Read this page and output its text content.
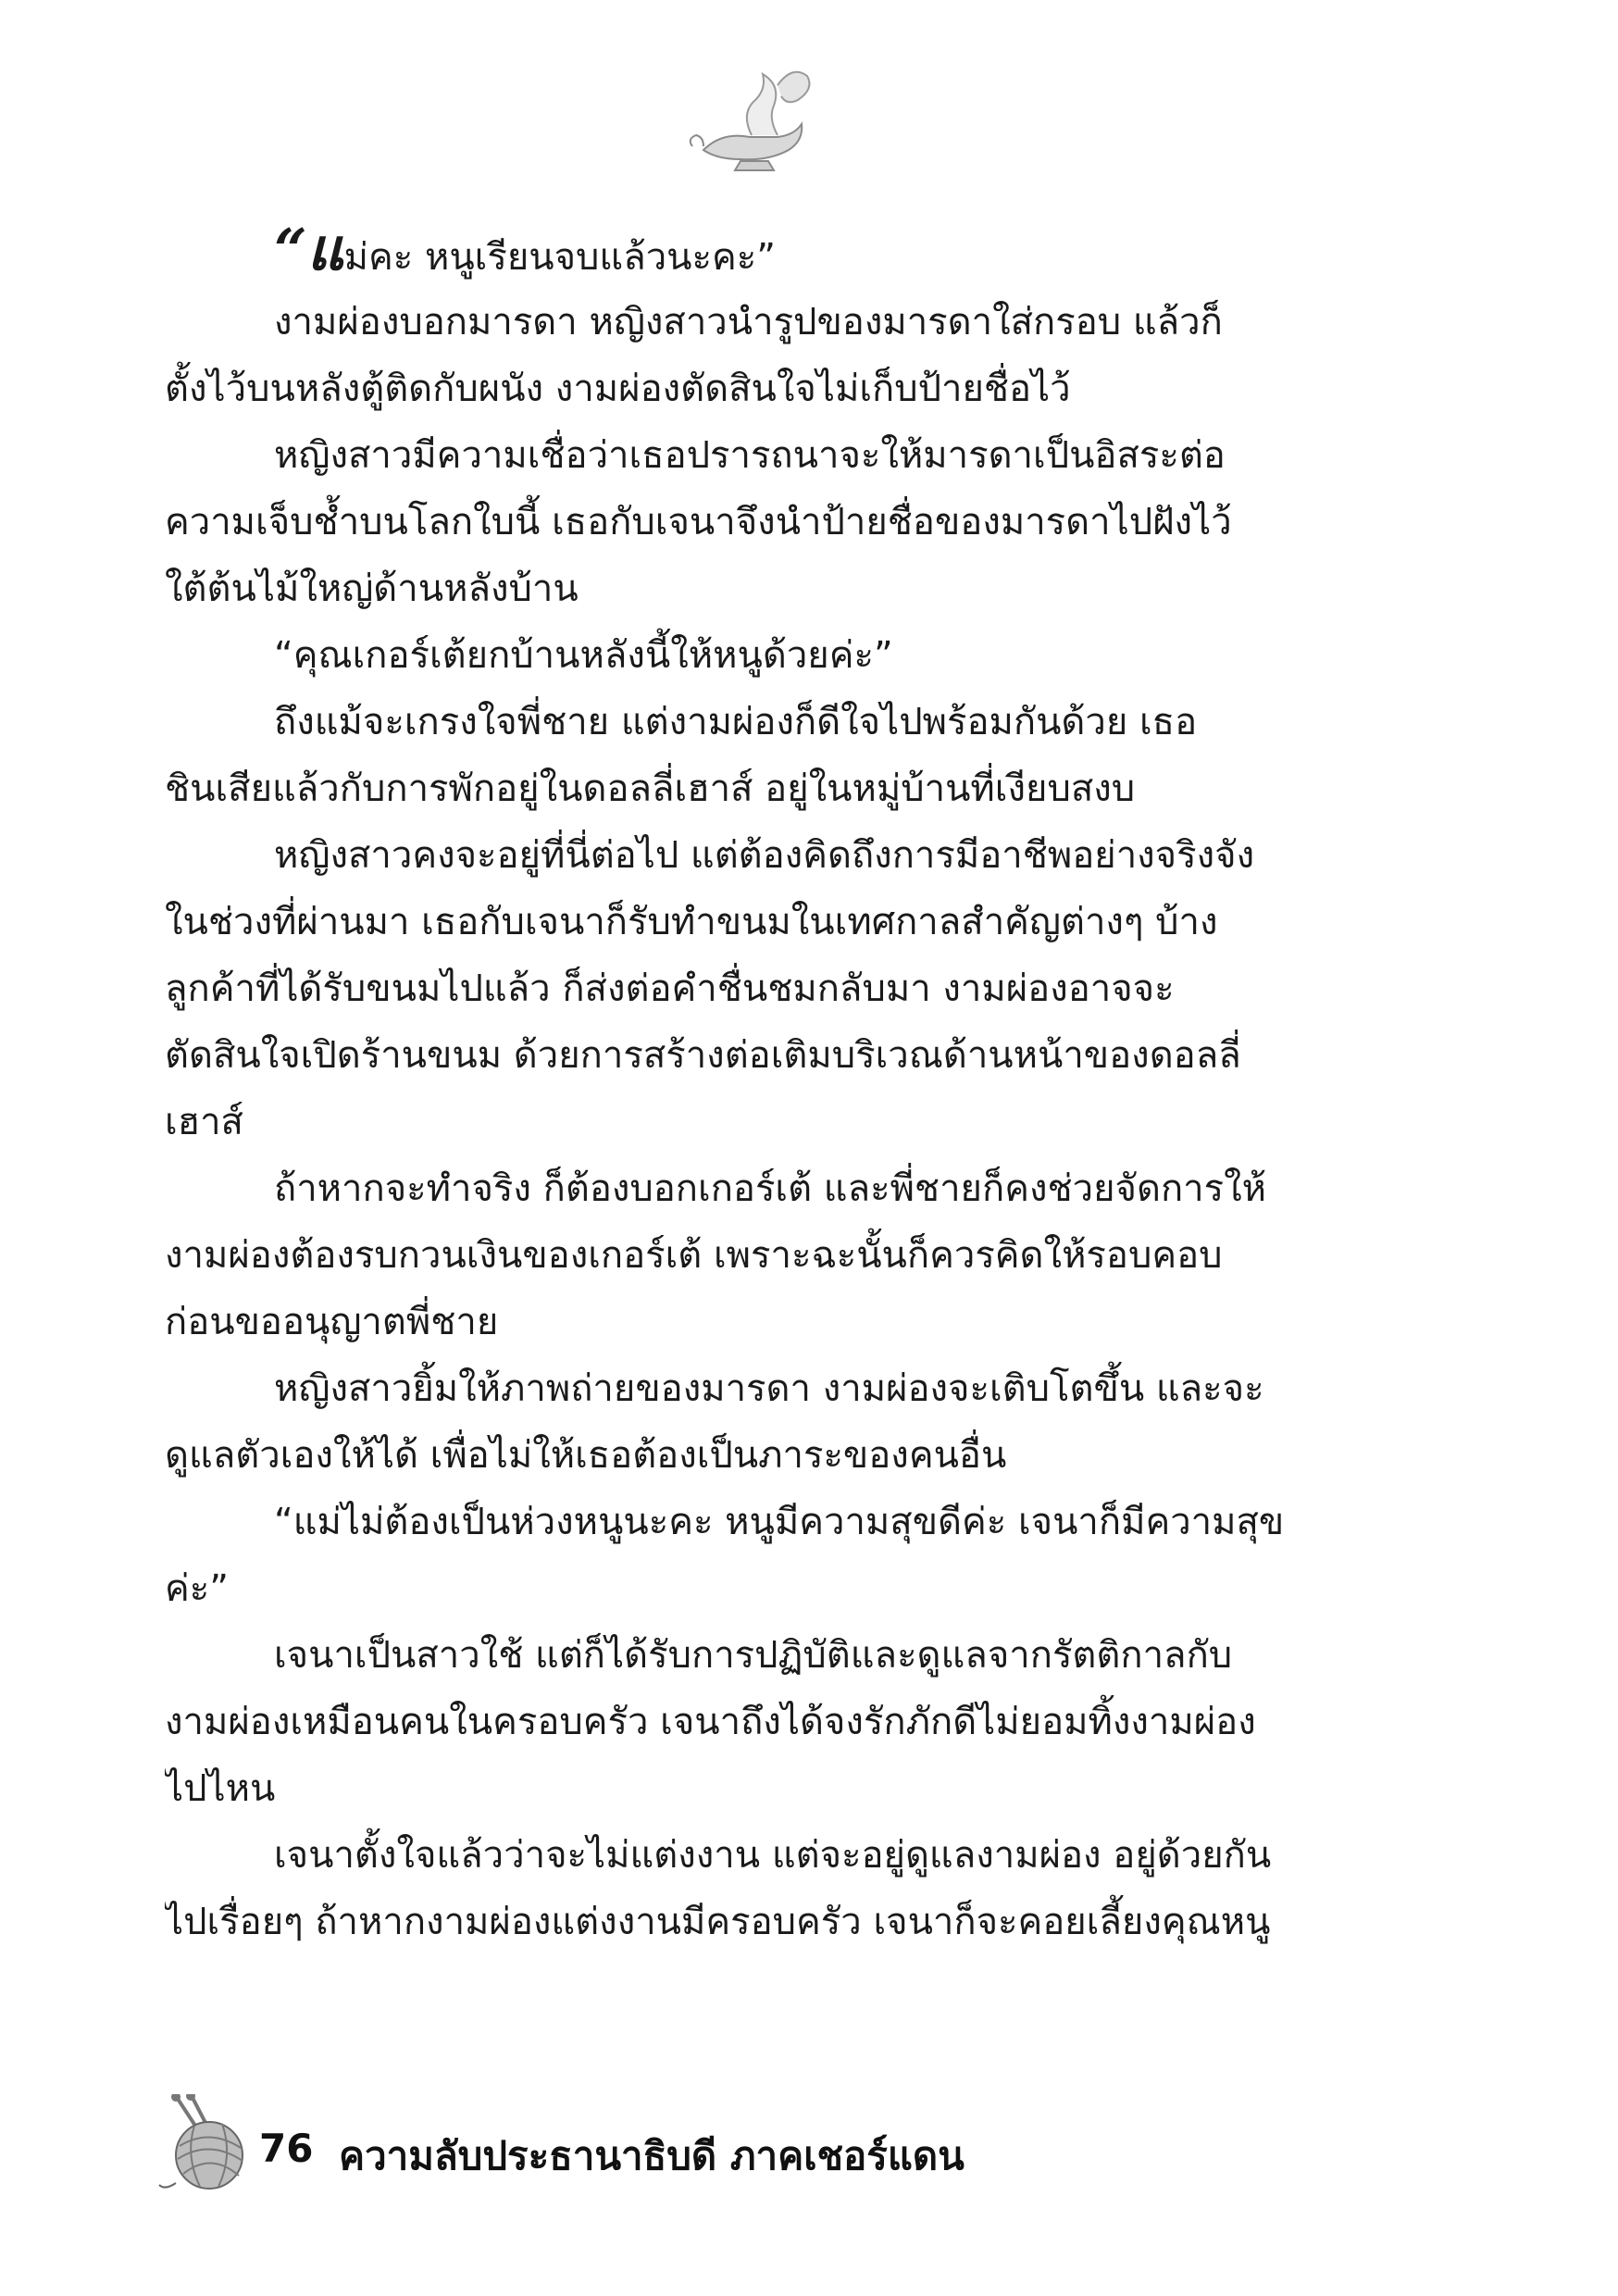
“แม่คะ หนูเรียนจบแล้วนะคะ”
งามผ่องบอกมารดา หญิงสาวนำรูปของมารดาใส่กรอบ แล้วก็
ตั้งไว้บนหลังตู้ติดกับผนัง งามผ่องตัดสินใจไม่เก็บป้ายชื่อไว้
หญิงสาวมีความเชื่อว่าเธอปรารถนาจะให้มารดาเป็นอิสระต่อ
ความเจ็บช้ำบนโลกใบนี้ เธอกับเจนาจึงนำป้ายชื่อของมารดาไปฝังไว้
ใต้ต้นไม้ใหญ่ด้านหลังบ้าน
“คุณเกอร์เต้ยกบ้านหลังนี้ให้หนูด้วยค่ะ”
ถึงแม้จะเกรงใจพี่ชาย แต่งามผ่องก็ดีใจไปพร้อมกันด้วย เธอ
ชินเสียแล้วกับการพักอยู่ในดอลลี่เฮาส์ อยู่ในหมู่บ้านที่เงียบสงบ
หญิงสาวคงจะอยู่ที่นี่ต่อไป แต่ต้องคิดถึงการมีอาชีพอย่างจริงจัง
ในช่วงที่ผ่านมา เธอกับเจนาก็รับทำขนมในเทศกาลสำคัญต่างๆ บ้าง
ลูกค้าที่ได้รับขนมไปแล้ว ก็ส่งต่อคำชื่นชมกลับมา งามผ่องอาจจะ
ตัดสินใจเปิดร้านขนม ด้วยการสร้างต่อเติมบริเวณด้านหน้าของดอลลี่
เฮาส์
ถ้าหากจะทำจริง ก็ต้องบอกเกอร์เต้ และพี่ชายก็คงช่วยจัดการให้
งามผ่องต้องรบกวนเงินของเกอร์เต้ เพราะฉะนั้นก็ควรคิดให้รอบคอบ
ก่อนขออนุญาตพี่ชาย
หญิงสาวยิ้มให้ภาพถ่ายของมารดา งามผ่องจะเติบโตขึ้น และจะ
ดูแลตัวเองให้ได้ เพื่อไม่ให้เธอต้องเป็นภาระของคนอื่น
“แม่ไม่ต้องเป็นห่วงหนูนะคะ หนูมีความสุขดีค่ะ เจนาก็มีความสุข
ค่ะ”
เจนาเป็นสาวใช้ แต่ก็ได้รับการปฏิบัติและดูแลจากรัตติกาลกับ
งามผ่องเหมือนคนในครอบครัว เจนาถึงได้จงรักภักดีไม่ยอมทิ้งงามผ่อง
ไปไหน
เจนาตั้งใจแล้วว่าจะไม่แต่งงาน แต่จะอยู่ดูแลงามผ่อง อยู่ด้วยกัน
ไปเรื่อยๆ ถ้าหากงามผ่องแต่งงานมีครอบครัว เจนาก็จะคอยเลี้ยงคุณหนู
76 ความลับประธานาธิบดี ภาคเชอร์แดน
